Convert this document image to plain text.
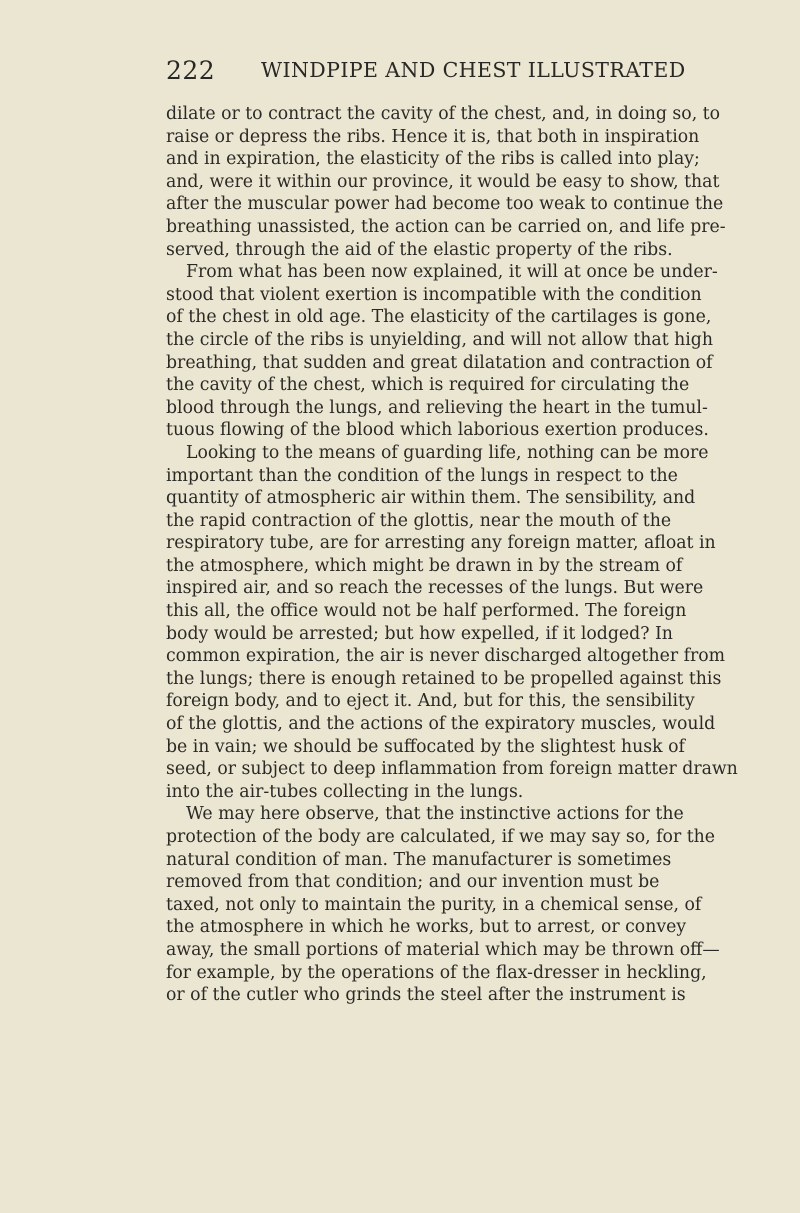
222 WINDPIPE AND CHEST ILLUSTRATED
dilate or to contract the cavity of the chest, and, in doing so, to
raise or depress the ribs. Hence it is, that both in inspiration
and in expiration, the elasticity of the ribs is called into play;
and, were it within our province, it would be easy to show, that
after the muscular power had become too weak to continue the
breathing unassisted, the action can be carried on, and life pre-
served, through the aid of the elastic property of the ribs.
From what has been now explained, it will at once be under-
stood that violent exertion is incompatible with the condition
of the chest in old age. The elasticity of the cartilages is gone,
the circle of the ribs is unyielding, and will not allow that high
breathing, that sudden and great dilatation and contraction of
the cavity of the chest, which is required for circulating the
blood through the lungs, and relieving the heart in the tumul-
tuous flowing of the blood which laborious exertion produces.
Looking to the means of guarding life, nothing can be more
important than the condition of the lungs in respect to the
quantity of atmospheric air within them. The sensibility, and
the rapid contraction of the glottis, near the mouth of the
respiratory tube, are for arresting any foreign matter, afloat in
the atmosphere, which might be drawn in by the stream of
inspired air, and so reach the recesses of the lungs. But were
this all, the office would not be half performed. The foreign
body would be arrested; but how expelled, if it lodged? In
common expiration, the air is never discharged altogether from
the lungs; there is enough retained to be propelled against this
foreign body, and to eject it. And, but for this, the sensibility
of the glottis, and the actions of the expiratory muscles, would
be in vain; we should be suffocated by the slightest husk of
seed, or subject to deep inflammation from foreign matter drawn
into the air-tubes collecting in the lungs.
We may here observe, that the instinctive actions for the
protection of the body are calculated, if we may say so, for the
natural condition of man. The manufacturer is sometimes
removed from that condition; and our invention must be
taxed, not only to maintain the purity, in a chemical sense, of
the atmosphere in which he works, but to arrest, or convey
away, the small portions of material which may be thrown off—
for example, by the operations of the flax-dresser in heckling,
or of the cutler who grinds the steel after the instrument is
